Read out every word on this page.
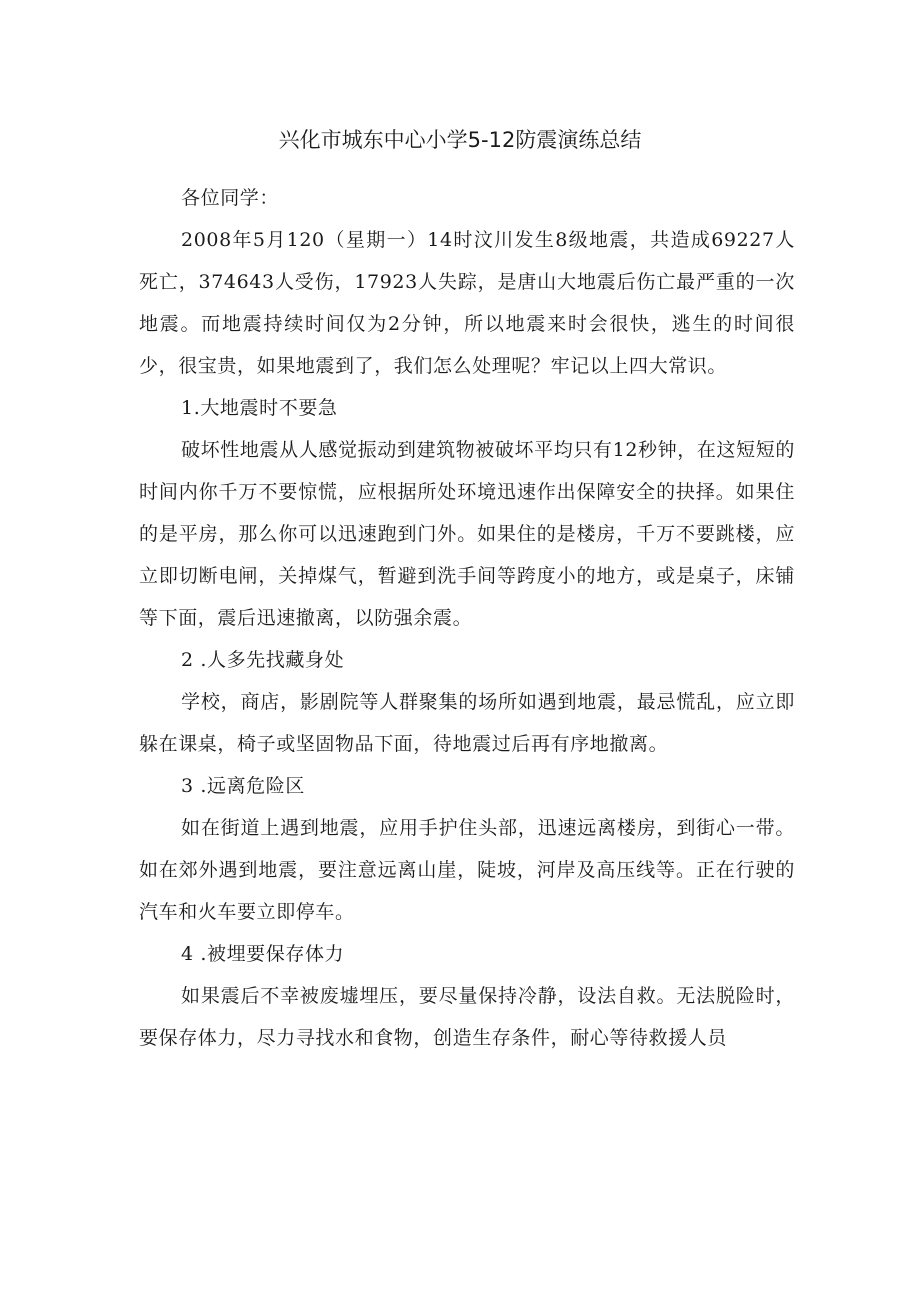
兴化市城东中心小学5-12防震演练总结

各位同学：

2008年5月120（星期一）14时汶川发生8级地震，共造成69227人死亡，374643人受伤，17923人失踪，是唐山大地震后伤亡最严重的一次地震。而地震持续时间仅为2分钟，所以地震来时会很快，逃生的时间很少，很宝贵，如果地震到了，我们怎么处理呢？牢记以上四大常识。

1.大地震时不要急

破坏性地震从人感觉振动到建筑物被破坏平均只有12秒钟，在这短短的时间内你千万不要惊慌，应根据所处环境迅速作出保障安全的抉择。如果住的是平房，那么你可以迅速跑到门外。如果住的是楼房，千万不要跳楼，应立即切断电闸，关掉煤气，暂避到洗手间等跨度小的地方，或是桌子，床铺等下面，震后迅速撤离，以防强余震。

2 .人多先找藏身处

学校，商店，影剧院等人群聚集的场所如遇到地震，最忌慌乱，应立即躲在课桌，椅子或坚固物品下面，待地震过后再有序地撤离。

3 .远离危险区

如在街道上遇到地震，应用手护住头部，迅速远离楼房，到街心一带。如在郊外遇到地震，要注意远离山崖，陡坡，河岸及高压线等。正在行驶的汽车和火车要立即停车。

4 .被埋要保存体力

如果震后不幸被废墟埋压，要尽量保持冷静，设法自救。无法脱险时，要保存体力，尽力寻找水和食物，创造生存条件，耐心等待救援人员
